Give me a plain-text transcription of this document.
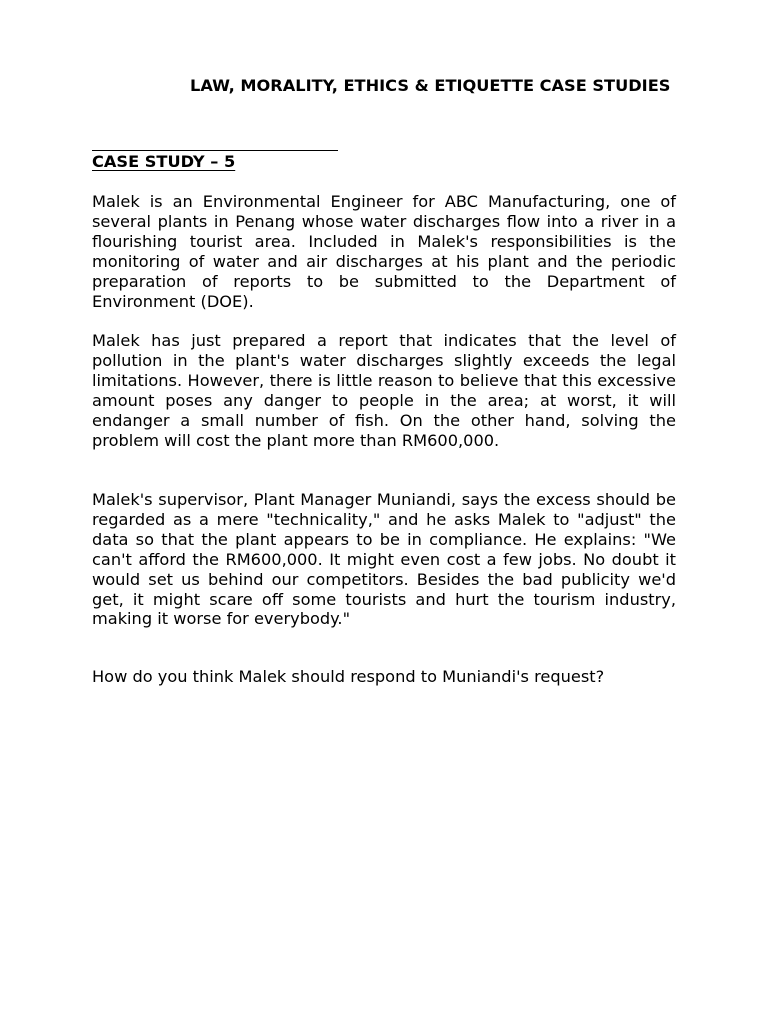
LAW, MORALITY, ETHICS & ETIQUETTE CASE STUDIES
CASE STUDY – 5

Malek is an Environmental Engineer for ABC Manufacturing, one of several plants in Penang whose water discharges flow into a river in a flourishing tourist area. Included in Malek's responsibilities is the monitoring of water and air discharges at his plant and the periodic preparation of reports to be submitted to the Department of Environment (DOE).

Malek has just prepared a report that indicates that the level of pollution in the plant's water discharges slightly exceeds the legal limitations. However, there is little reason to believe that this excessive amount poses any danger to people in the area; at worst, it will endanger a small number of fish. On the other hand, solving the problem will cost the plant more than RM600,000.

Malek's supervisor, Plant Manager Muniandi, says the excess should be regarded as a mere "technicality," and he asks Malek to "adjust" the data so that the plant appears to be in compliance. He explains: "We can't afford the RM600,000. It might even cost a few jobs. No doubt it would set us behind our competitors. Besides the bad publicity we'd get, it might scare off some tourists and hurt the tourism industry, making it worse for everybody."

How do you think Malek should respond to Muniandi's request?
